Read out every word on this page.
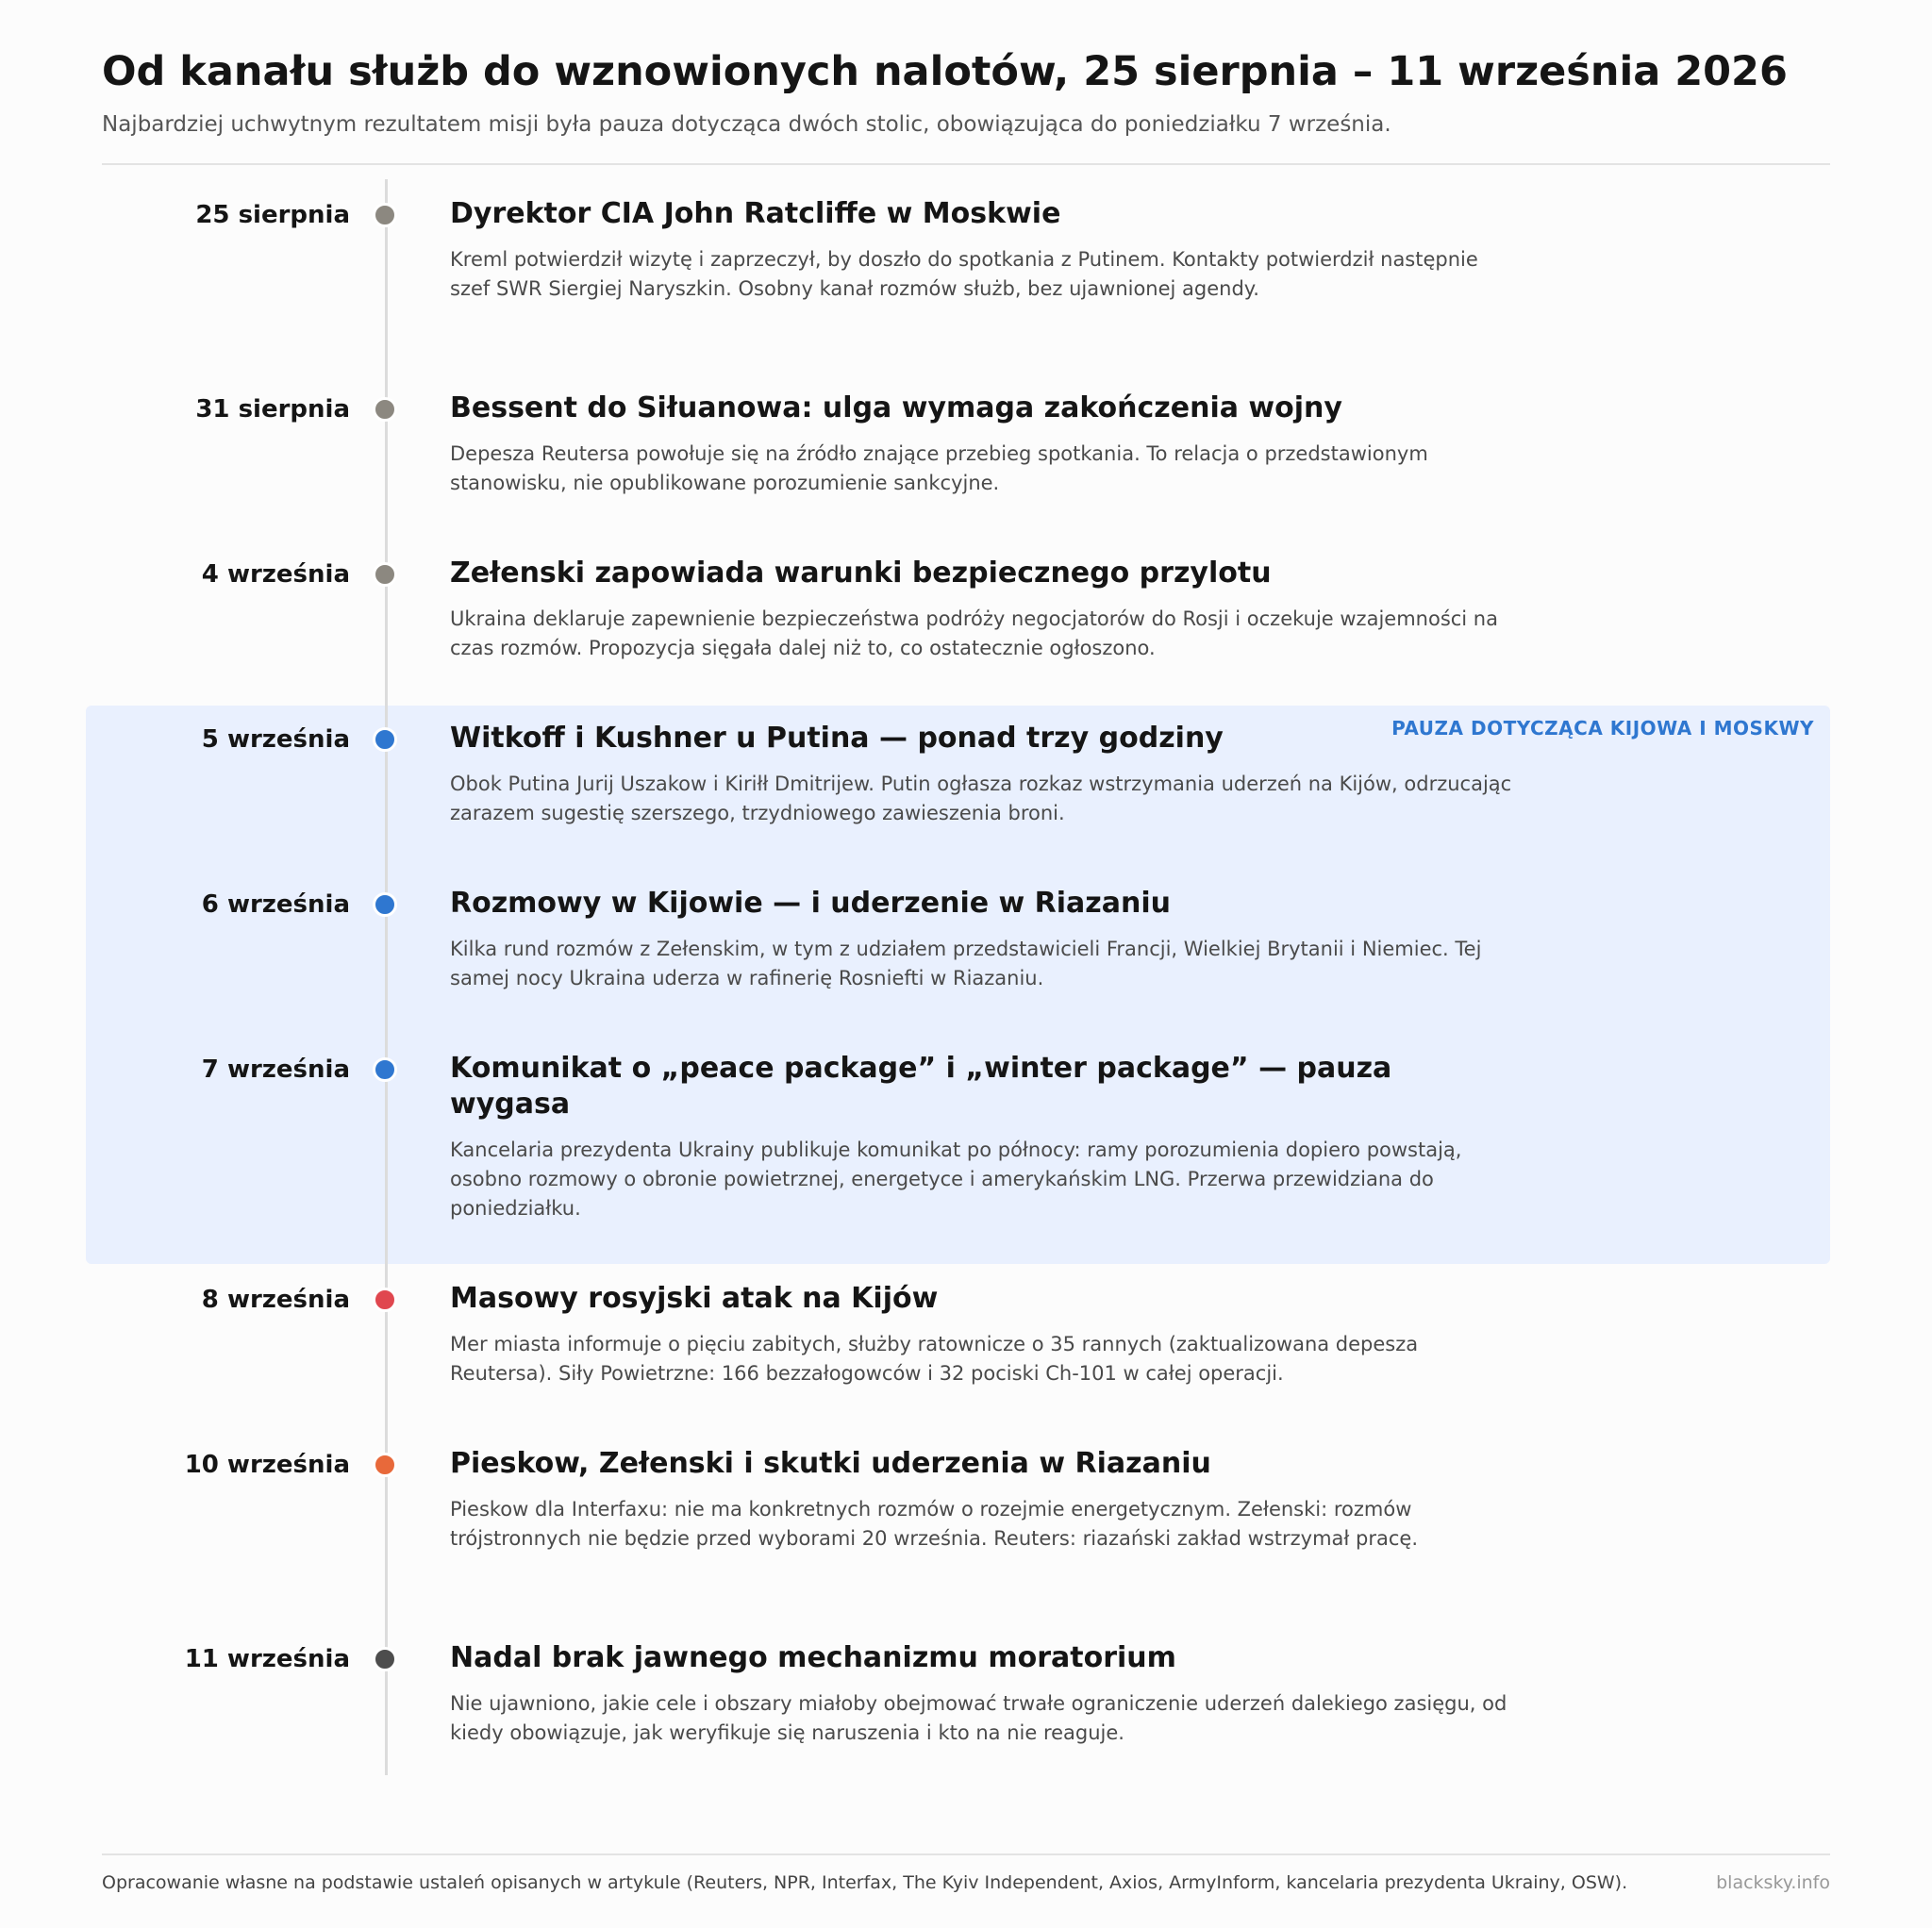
Od kanału służb do wznowionych nalotów, 25 sierpnia – 11 września 2026
Najbardziej uchwytnym rezultatem misji była pauza dotycząca dwóch stolic, obowiązująca do poniedziałku 7 września.
PAUZA DOTYCZĄCA KIJOWA I MOSKWY
25 sierpnia	Dyrektor CIA John Ratcliffe w Moskwie
Kreml potwierdził wizytę i zaprzeczył, by doszło do spotkania z Putinem. Kontakty potwierdził następnie szef SWR Siergiej Naryszkin. Osobny kanał rozmów służb, bez ujawnionej agendy.
31 sierpnia	Bessent do Siłuanowa: ulga wymaga zakończenia wojny
Depesza Reutersa powołuje się na źródło znające przebieg spotkania. To relacja o przedstawionym stanowisku, nie opublikowane porozumienie sankcyjne.
4 września	Zełenski zapowiada warunki bezpiecznego przylotu
Ukraina deklaruje zapewnienie bezpieczeństwa podróży negocjatorów do Rosji i oczekuje wzajemności na czas rozmów. Propozycja sięgała dalej niż to, co ostatecznie ogłoszono.
5 września	Witkoff i Kushner u Putina — ponad trzy godziny
Obok Putina Jurij Uszakow i Kiriłł Dmitrijew. Putin ogłasza rozkaz wstrzymania uderzeń na Kijów, odrzucając zarazem sugestię szerszego, trzydniowego zawieszenia broni.
6 września	Rozmowy w Kijowie — i uderzenie w Riazaniu
Kilka rund rozmów z Zełenskim, w tym z udziałem przedstawicieli Francji, Wielkiej Brytanii i Niemiec. Tej samej nocy Ukraina uderza w rafinerię Rosniefti w Riazaniu.
7 września	Komunikat o „peace package” i „winter package” — pauza wygasa
Kancelaria prezydenta Ukrainy publikuje komunikat po północy: ramy porozumienia dopiero powstają, osobno rozmowy o obronie powietrznej, energetyce i amerykańskim LNG. Przerwa przewidziana do poniedziałku.
8 września	Masowy rosyjski atak na Kijów
Mer miasta informuje o pięciu zabitych, służby ratownicze o 35 rannych (zaktualizowana depesza Reutersa). Siły Powietrzne: 166 bezzałogowców i 32 pociski Ch-101 w całej operacji.
10 września	Pieskow, Zełenski i skutki uderzenia w Riazaniu
Pieskow dla Interfaxu: nie ma konkretnych rozmów o rozejmie energetycznym. Zełenski: rozmów trójstronnych nie będzie przed wyborami 20 września. Reuters: riazański zakład wstrzymał pracę.
11 września	Nadal brak jawnego mechanizmu moratorium
Nie ujawniono, jakie cele i obszary miałoby obejmować trwałe ograniczenie uderzeń dalekiego zasięgu, od kiedy obowiązuje, jak weryfikuje się naruszenia i kto na nie reaguje.
Opracowanie własne na podstawie ustaleń opisanych w artykule (Reuters, NPR, Interfax, The Kyiv Independent, Axios, ArmyInform, kancelaria prezydenta Ukrainy, OSW).	blacksky.info
